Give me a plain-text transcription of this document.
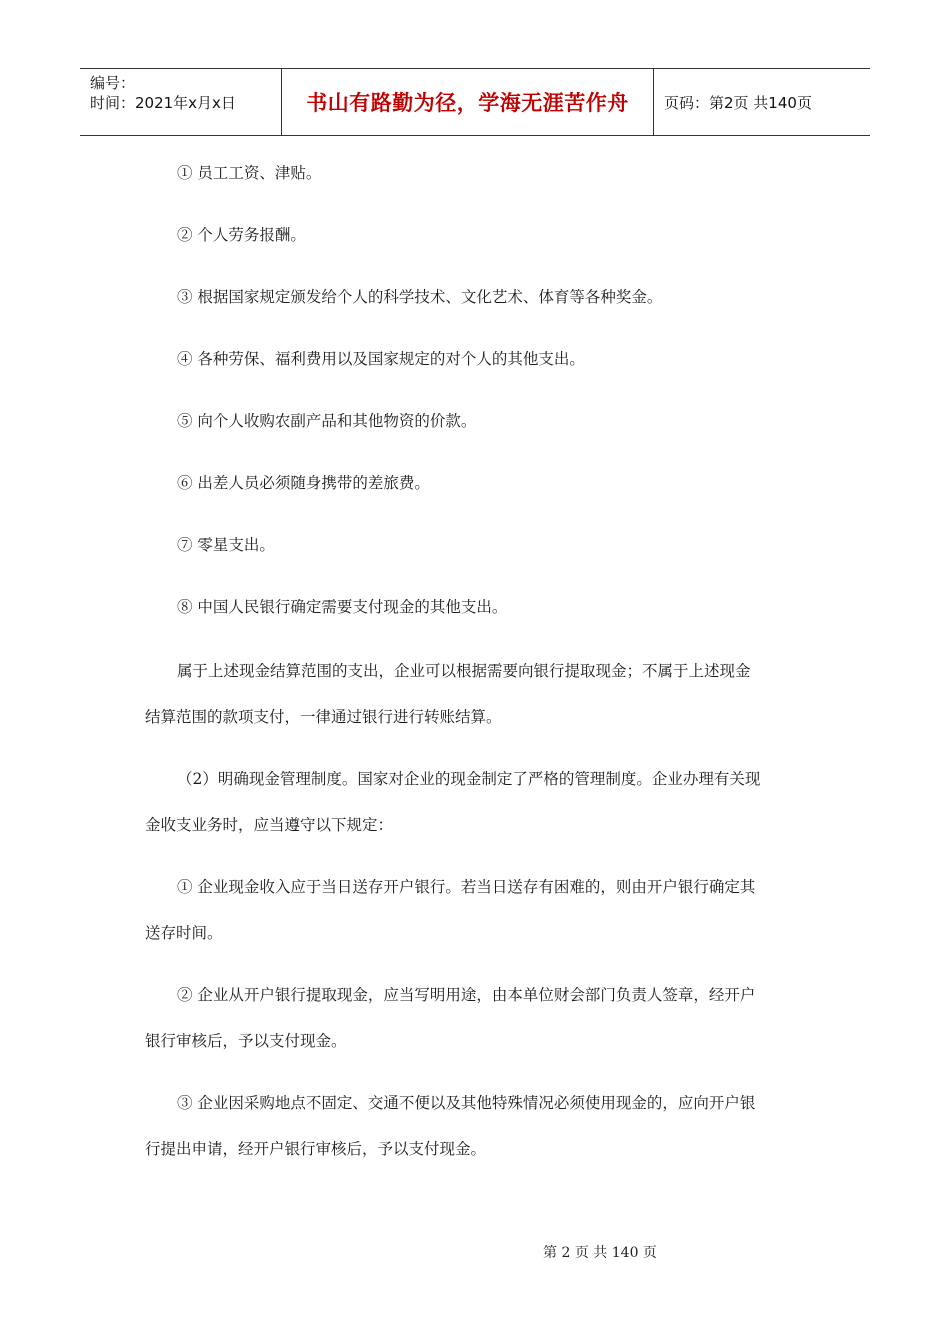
编号：
时间：2021年x月x日	书山有路勤为径，学海无涯苦作舟	页码：第2页 共140页
① 员工工资、津贴。
② 个人劳务报酬。
③ 根据国家规定颁发给个人的科学技术、文化艺术、体育等各种奖金。
④ 各种劳保、福利费用以及国家规定的对个人的其他支出。
⑤ 向个人收购农副产品和其他物资的价款。
⑥ 出差人员必须随身携带的差旅费。
⑦ 零星支出。
⑧ 中国人民银行确定需要支付现金的其他支出。
属于上述现金结算范围的支出，企业可以根据需要向银行提取现金；不属于上述现金
结算范围的款项支付，一律通过银行进行转账结算。
（2）明确现金管理制度。国家对企业的现金制定了严格的管理制度。企业办理有关现
金收支业务时，应当遵守以下规定：
① 企业现金收入应于当日送存开户银行。若当日送存有困难的，则由开户银行确定其
送存时间。
② 企业从开户银行提取现金，应当写明用途，由本单位财会部门负责人签章，经开户
银行审核后，予以支付现金。
③ 企业因采购地点不固定、交通不便以及其他特殊情况必须使用现金的，应向开户银
行提出申请，经开户银行审核后，予以支付现金。
第 2 页 共 140 页
